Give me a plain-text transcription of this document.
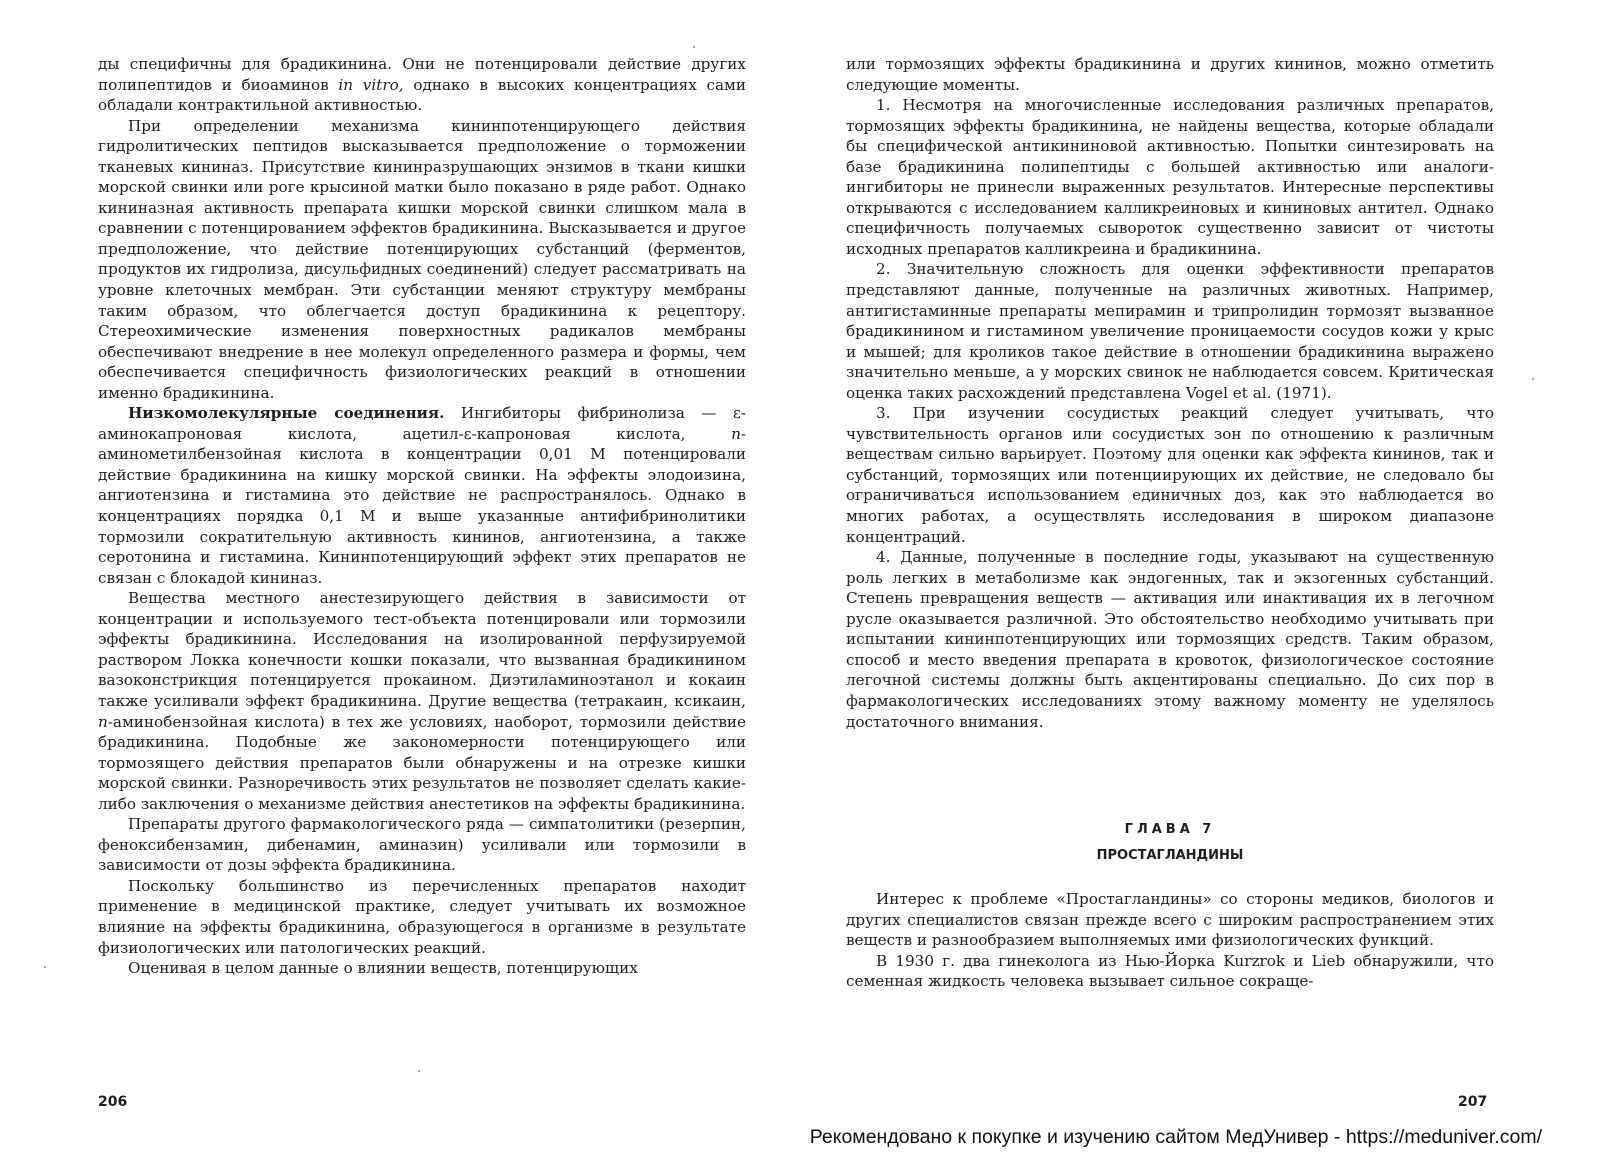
ды специфичны для брадикинина. Они не потенцировали действие других полипептидов и биоаминов in vitro, однако в высоких концентрациях сами обладали контрактильной активностью.

При определении механизма кининпотенцирующего действия гидролитических пептидов высказывается предположение о торможении тканевых кининаз. Присутствие кининразрушающих энзимов в ткани кишки морской свинки или роге крысиной матки было показано в ряде работ. Однако кининазная активность препарата кишки морской свинки слишком мала в сравнении с потенцированием эффектов брадикинина. Высказывается и другое предположение, что действие потенцирующих субстанций (ферментов, продуктов их гидролиза, дисульфидных соединений) следует рассматривать на уровне клеточных мембран. Эти субстанции меняют структуру мембраны таким образом, что облегчается доступ брадикинина к рецептору. Стереохимические изменения поверхностных радикалов мембраны обеспечивают внедрение в нее молекул определенного размера и формы, чем обеспечивается специфичность физиологических реакций в отношении именно брадикинина.

Низкомолекулярные соединения. Ингибиторы фибринолиза — ε-аминокапроновая кислота, ацетил-ε-капроновая кислота, п-аминометилбензойная кислота в концентрации 0,01 М потенцировали действие брадикинина на кишку морской свинки. На эффекты элодоизина, ангиотензина и гистамина это действие не распространялось. Однако в концентрациях порядка 0,1 М и выше указанные антифибринолитики тормозили сократительную активность кининов, ангиотензина, а также серотонина и гистамина. Кининпотенцирующий эффект этих препаратов не связан с блокадой кининаз.

Вещества местного анестезирующего действия в зависимости от концентрации и используемого тест-объекта потенцировали или тормозили эффекты брадикинина. Исследования на изолированной перфузируемой раствором Локка конечности кошки показали, что вызванная брадикинином вазоконстрикция потенцируется прокаином. Диэтиламиноэтанол и кокаин также усиливали эффект брадикинина. Другие вещества (тетракаин, ксикаин, п-аминобензойная кислота) в тех же условиях, наоборот, тормозили действие брадикинина. Подобные же закономерности потенцирующего или тормозящего действия препаратов были обнаружены и на отрезке кишки морской свинки. Разноречивость этих результатов не позволяет сделать какие-либо заключения о механизме действия анестетиков на эффекты брадикинина.

Препараты другого фармакологического ряда — симпатолитики (резерпин, феноксибензамин, дибенамин, аминазин) усиливали или тормозили в зависимости от дозы эффекта брадикинина.

Поскольку большинство из перечисленных препаратов находит применение в медицинской практике, следует учитывать их возможное влияние на эффекты брадикинина, образующегося в организме в результате физиологических или патологических реакций.

Оценивая в целом данные о влиянии веществ, потенцирующих

или тормозящих эффекты брадикинина и других кининов, можно отметить следующие моменты.

1. Несмотря на многочисленные исследования различных препаратов, тормозящих эффекты брадикинина, не найдены вещества, которые обладали бы специфической антикининовой активностью. Попытки синтезировать на базе брадикинина полипептиды с большей активностью или аналоги-ингибиторы не принесли выраженных результатов. Интересные перспективы открываются с исследованием калликреиновых и кининовых антител. Однако специфичность получаемых сывороток существенно зависит от чистоты исходных препаратов калликреина и брадикинина.

2. Значительную сложность для оценки эффективности препаратов представляют данные, полученные на различных животных. Например, антигистаминные препараты мепирамин и трипролидин тормозят вызванное брадикинином и гистамином увеличение проницаемости сосудов кожи у крыс и мышей; для кроликов такое действие в отношении брадикинина выражено значительно меньше, а у морских свинок не наблюдается совсем. Критическая оценка таких расхождений представлена Vogel et al. (1971).

3. При изучении сосудистых реакций следует учитывать, что чувствительность органов или сосудистых зон по отношению к различным веществам сильно варьирует. Поэтому для оценки как эффекта кининов, так и субстанций, тормозящих или потенциирующих их действие, не следовало бы ограничиваться использованием единичных доз, как это наблюдается во многих работах, а осуществлять исследования в широком диапазоне концентраций.

4. Данные, полученные в последние годы, указывают на существенную роль легких в метаболизме как эндогенных, так и экзогенных субстанций. Степень превращения веществ — активация или инактивация их в легочном русле оказывается различной. Это обстоятельство необходимо учитывать при испытании кининпотенцирующих или тормозящих средств. Таким образом, способ и место введения препарата в кровоток, физиологическое состояние легочной системы должны быть акцентированы специально. До сих пор в фармакологических исследованиях этому важному моменту не уделялось достаточного внимания.

ГЛАВА 7
ПРОСТАГЛАНДИНЫ

Интерес к проблеме «Простагландины» со стороны медиков, биологов и других специалистов связан прежде всего с широким распространением этих веществ и разнообразием выполняемых ими физиологических функций.

В 1930 г. два гинеколога из Нью-Йорка Kurzrok и Lieb обнаружили, что семенная жидкость человека вызывает сильное сокраще-

206	207
Рекомендовано к покупке и изучению сайтом МедУнивер - https://meduniver.com/
